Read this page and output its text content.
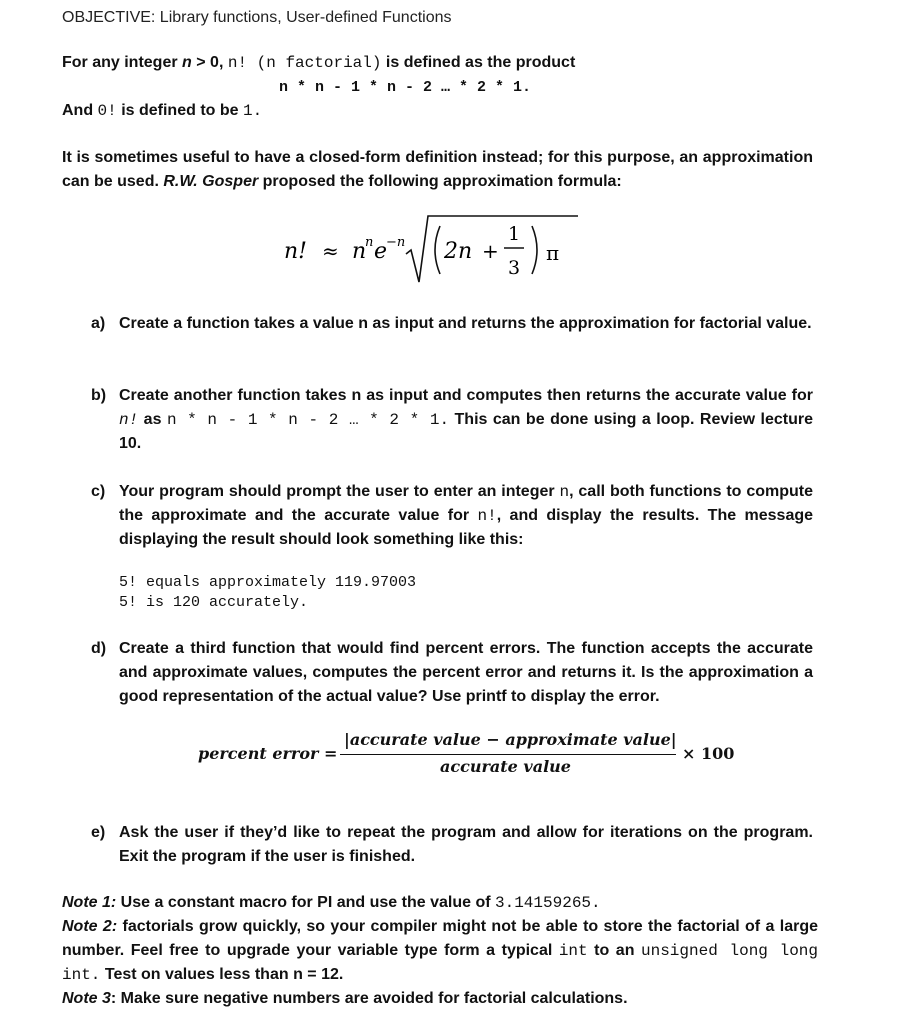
OBJECTIVE: Library functions, User-defined Functions
For any integer n > 0, n! (n factorial) is defined as the product
n * n - 1 * n - 2 … * 2 * 1.
And 0! is defined to be 1.
It is sometimes useful to have a closed-form definition instead; for this purpose, an approximation can be used. R.W. Gosper proposed the following approximation formula:
n! ≈ n
n e
−n 2n +
1
3
π
a) Create a function takes a value n as input and returns the approximation for factorial value.
b) Create another function takes n as input and computes then returns the accurate value for n! as n * n - 1 * n - 2 … * 2 * 1. This can be done using a loop. Review lecture 10.
c) Your program should prompt the user to enter an integer n, call both functions to compute the approximate and the accurate value for n!, and display the results. The message displaying the result should look something like this:
5! equals approximately 119.97003
5! is 120 accurately.
d) Create a third function that would find percent errors. The function accepts the accurate and approximate values, computes the percent error and returns it. Is the approximation a good representation of the actual value? Use printf to display the error.
percent error =
|accurate value − approximate value|
accurate value
× 100
e) Ask the user if they’d like to repeat the program and allow for iterations on the program. Exit the program if the user is finished.
Note 1: Use a constant macro for PI and use the value of 3.14159265.
Note 2: factorials grow quickly, so your compiler might not be able to store the factorial of a large number. Feel free to upgrade your variable type form a typical int to an unsigned long long int. Test on values less than n = 12.
Note 3: Make sure negative numbers are avoided for factorial calculations.
